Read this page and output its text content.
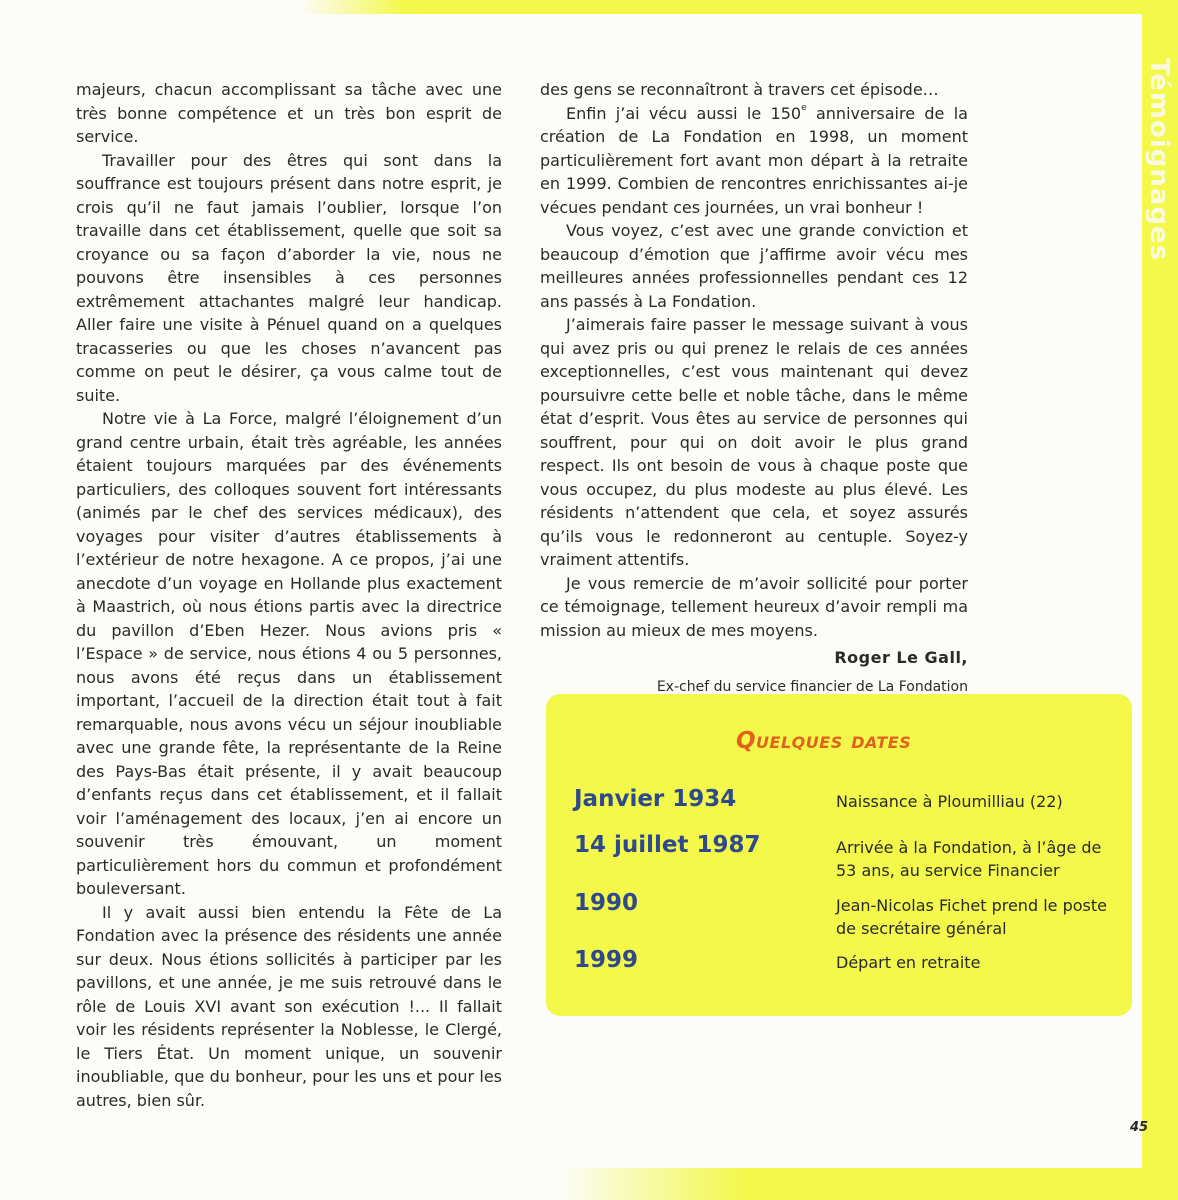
Témoignages

majeurs, chacun accomplissant sa tâche avec une très bonne compétence et un très bon esprit de service.

Travailler pour des êtres qui sont dans la souffrance est toujours présent dans notre esprit, je crois qu’il ne faut jamais l’oublier, lorsque l’on travaille dans cet établissement, quelle que soit sa croyance ou sa façon d’aborder la vie, nous ne pouvons être insensibles à ces personnes extrêmement attachantes malgré leur handicap. Aller faire une visite à Pénuel quand on a quelques tracasseries ou que les choses n’avancent pas comme on peut le désirer, ça vous calme tout de suite.

Notre vie à La Force, malgré l’éloignement d’un grand centre urbain, était très agréable, les années étaient toujours marquées par des événements particuliers, des colloques souvent fort intéressants (animés par le chef des services médicaux), des voyages pour visiter d’autres établissements à l’extérieur de notre hexagone. A ce propos, j’ai une anecdote d’un voyage en Hollande plus exactement à Maastrich, où nous étions partis avec la directrice du pavillon d’Eben Hezer. Nous avions pris « l’Espace » de service, nous étions 4 ou 5 personnes, nous avons été reçus dans un établissement important, l’accueil de la direction était tout à fait remarquable, nous avons vécu un séjour inoubliable avec une grande fête, la représentante de la Reine des Pays-Bas était présente, il y avait beaucoup d’enfants reçus dans cet établissement, et il fallait voir l’aménagement des locaux, j’en ai encore un souvenir très émouvant, un moment particulièrement hors du commun et profondément bouleversant.

Il y avait aussi bien entendu la Fête de La Fondation avec la présence des résidents une année sur deux. Nous étions sollicités à participer par les pavillons, et une année, je me suis retrouvé dans le rôle de Louis XVI avant son exécution !... Il fallait voir les résidents représenter la Noblesse, le Clergé, le Tiers État. Un moment unique, un souvenir inoubliable, que du bonheur, pour les uns et pour les autres, bien sûr.

des gens se reconnaîtront à travers cet épisode…

Enfin j’ai vécu aussi le 150e anniversaire de la création de La Fondation en 1998, un moment particulièrement fort avant mon départ à la retraite en 1999. Combien de rencontres enrichissantes ai-je vécues pendant ces journées, un vrai bonheur !

Vous voyez, c’est avec une grande conviction et beaucoup d’émotion que j’affirme avoir vécu mes meilleures années professionnelles pendant ces 12 ans passés à La Fondation.

J’aimerais faire passer le message suivant à vous qui avez pris ou qui prenez le relais de ces années exceptionnelles, c’est vous maintenant qui devez poursuivre cette belle et noble tâche, dans le même état d’esprit. Vous êtes au service de personnes qui souffrent, pour qui on doit avoir le plus grand respect. Ils ont besoin de vous à chaque poste que vous occupez, du plus modeste au plus élevé. Les résidents n’attendent que cela, et soyez assurés qu’ils vous le redonneront au centuple. Soyez-y vraiment attentifs.

Je vous remercie de m’avoir sollicité pour porter ce témoignage, tellement heureux d’avoir rempli ma mission au mieux de mes moyens.

Roger Le Gall,
Ex-chef du service financier de La Fondation
Quelques dates
Janvier 1934	Naissance à Ploumilliau (22)
14 juillet 1987	Arrivée à la Fondation, à l’âge de 53 ans, au service Financier
1990	Jean-Nicolas Fichet prend le poste de secrétaire général
1999	Départ en retraite
45
